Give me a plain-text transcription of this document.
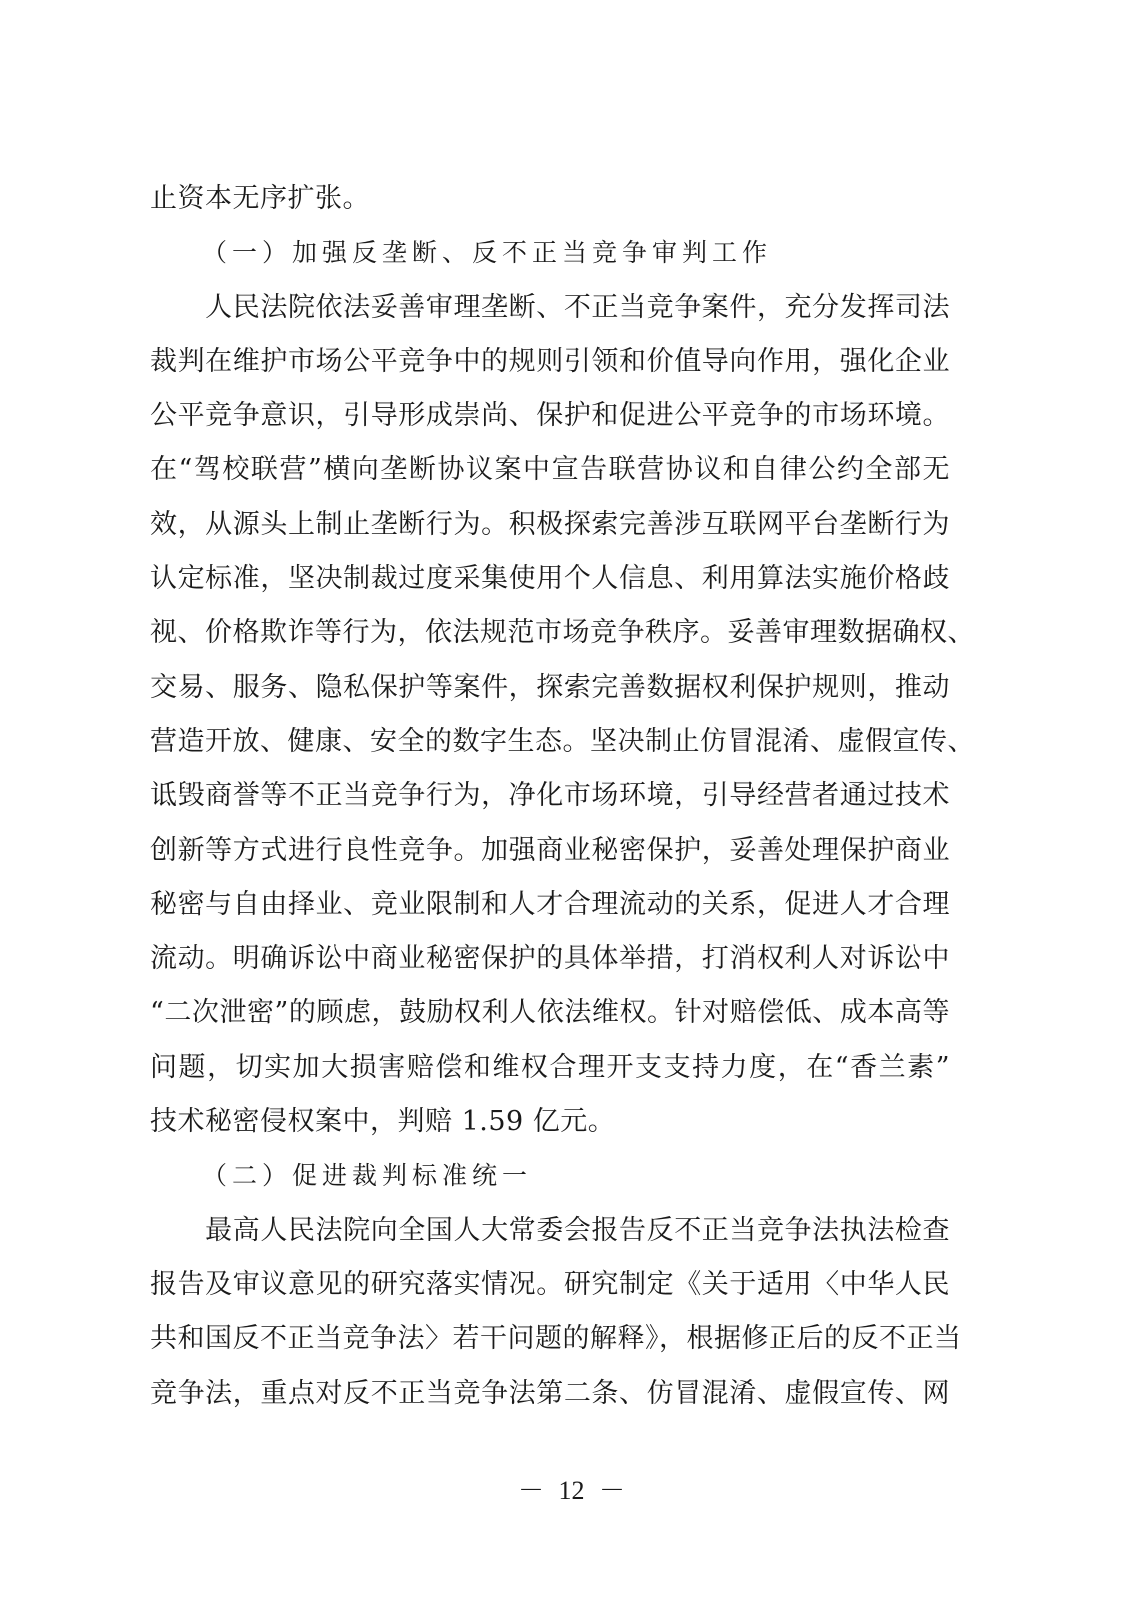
止资本无序扩张。
（一）加强反垄断、反不正当竞争审判工作
　　人民法院依法妥善审理垄断、不正当竞争案件，充分发挥司法
裁判在维护市场公平竞争中的规则引领和价值导向作用，强化企业
公平竞争意识，引导形成崇尚、保护和促进公平竞争的市场环境。
在“驾校联营”横向垄断协议案中宣告联营协议和自律公约全部无
效，从源头上制止垄断行为。积极探索完善涉互联网平台垄断行为
认定标准，坚决制裁过度采集使用个人信息、利用算法实施价格歧
视、价格欺诈等行为，依法规范市场竞争秩序。妥善审理数据确权、
交易、服务、隐私保护等案件，探索完善数据权利保护规则，推动
营造开放、健康、安全的数字生态。坚决制止仿冒混淆、虚假宣传、
诋毁商誉等不正当竞争行为，净化市场环境，引导经营者通过技术
创新等方式进行良性竞争。加强商业秘密保护，妥善处理保护商业
秘密与自由择业、竞业限制和人才合理流动的关系，促进人才合理
流动。明确诉讼中商业秘密保护的具体举措，打消权利人对诉讼中
“二次泄密”的顾虑，鼓励权利人依法维权。针对赔偿低、成本高等
问题，切实加大损害赔偿和维权合理开支支持力度，在“香兰素”
技术秘密侵权案中，判赔 1.59 亿元。
（二）促进裁判标准统一
　　最高人民法院向全国人大常委会报告反不正当竞争法执法检查
报告及审议意见的研究落实情况。研究制定《关于适用〈中华人民
共和国反不正当竞争法〉若干问题的解释》，根据修正后的反不正当
竞争法，重点对反不正当竞争法第二条、仿冒混淆、虚假宣传、网
－ 12 －
